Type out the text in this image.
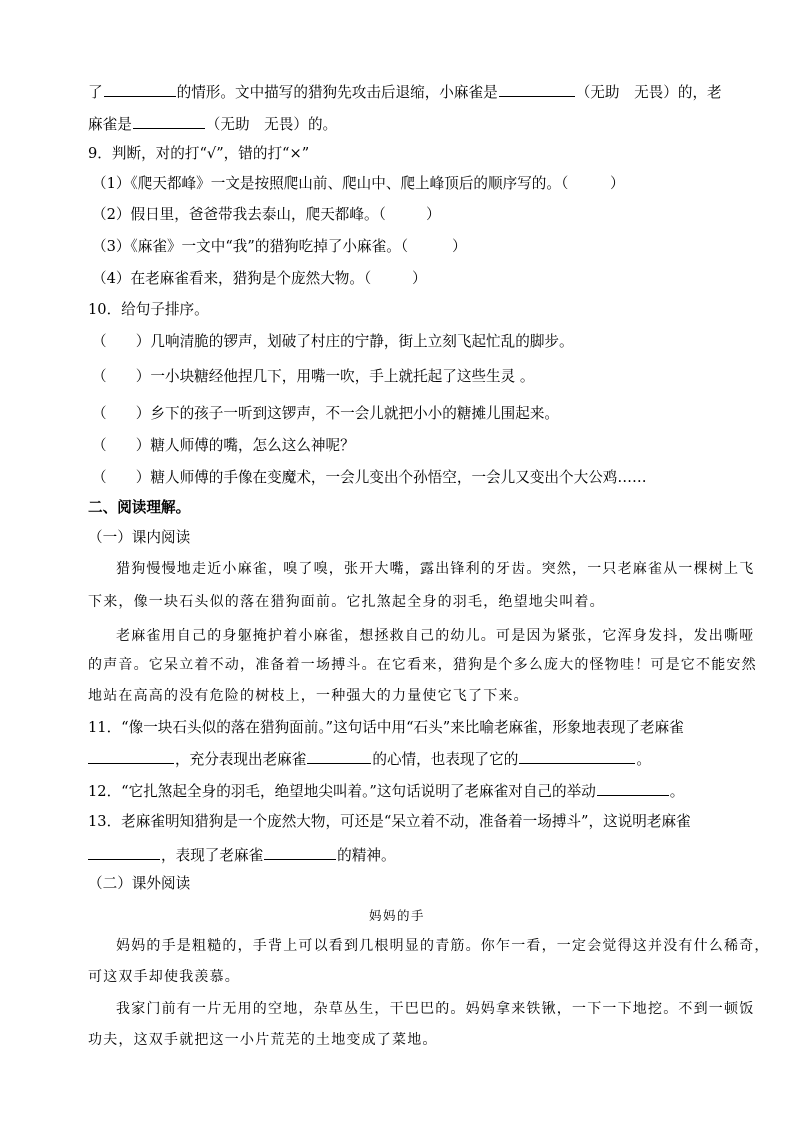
了	的情形。文中描写的猎狗先攻击后退缩，小麻雀是	（无助　无畏）的，老
麻雀是	（无助　无畏）的。
9．判断，对的打“√”，错的打“×”
（1）《爬天都峰》一文是按照爬山前、爬山中、爬上峰顶后的顺序写的。（	）
（2）假日里，爸爸带我去泰山，爬天都峰。（	）
（3）《麻雀》一文中“我”的猎狗吃掉了小麻雀。（	）
（4）在老麻雀看来，猎狗是个庞然大物。（	）
10．给句子排序。
（　　）几响清脆的锣声，划破了村庄的宁静，街上立刻飞起忙乱的脚步。
（　　）一小块糖经他捏几下，用嘴一吹，手上就托起了这些生灵 。
（　　）乡下的孩子一听到这锣声，不一会儿就把小小的糖摊儿围起来。
（　　）糖人师傅的嘴，怎么这么神呢？
（　　）糖人师傅的手像在变魔术，一会儿变出个孙悟空，一会儿又变出个大公鸡……
二、阅读理解。
（一）课内阅读
猎狗慢慢地走近小麻雀，嗅了嗅，张开大嘴，露出锋利的牙齿。突然，一只老麻雀从一棵树上飞
下来，像一块石头似的落在猎狗面前。它扎煞起全身的羽毛，绝望地尖叫着。
老麻雀用自己的身躯掩护着小麻雀，想拯救自己的幼儿。可是因为紧张，它浑身发抖，发出嘶哑
的声音。它呆立着不动，准备着一场搏斗。在它看来，猎狗是个多么庞大的怪物哇！可是它不能安然
地站在高高的没有危险的树枝上，一种强大的力量使它飞了下来。
11．“像一块石头似的落在猎狗面前。”这句话中用“石头”来比喻老麻雀，形象地表现了老麻雀
，充分表现出老麻雀	的心情，也表现了它的	。
12．“它扎煞起全身的羽毛，绝望地尖叫着。”这句话说明了老麻雀对自己的举动	。
13．老麻雀明知猎狗是一个庞然大物，可还是“呆立着不动，准备着一场搏斗”，这说明老麻雀
，表现了老麻雀	的精神。
（二）课外阅读
妈妈的手
妈妈的手是粗糙的，手背上可以看到几根明显的青筋。你乍一看，一定会觉得这并没有什么稀奇，
可这双手却使我羡慕。
我家门前有一片无用的空地，杂草丛生，干巴巴的。妈妈拿来铁锹，一下一下地挖。不到一顿饭
功夫，这双手就把这一小片荒芜的土地变成了菜地。
